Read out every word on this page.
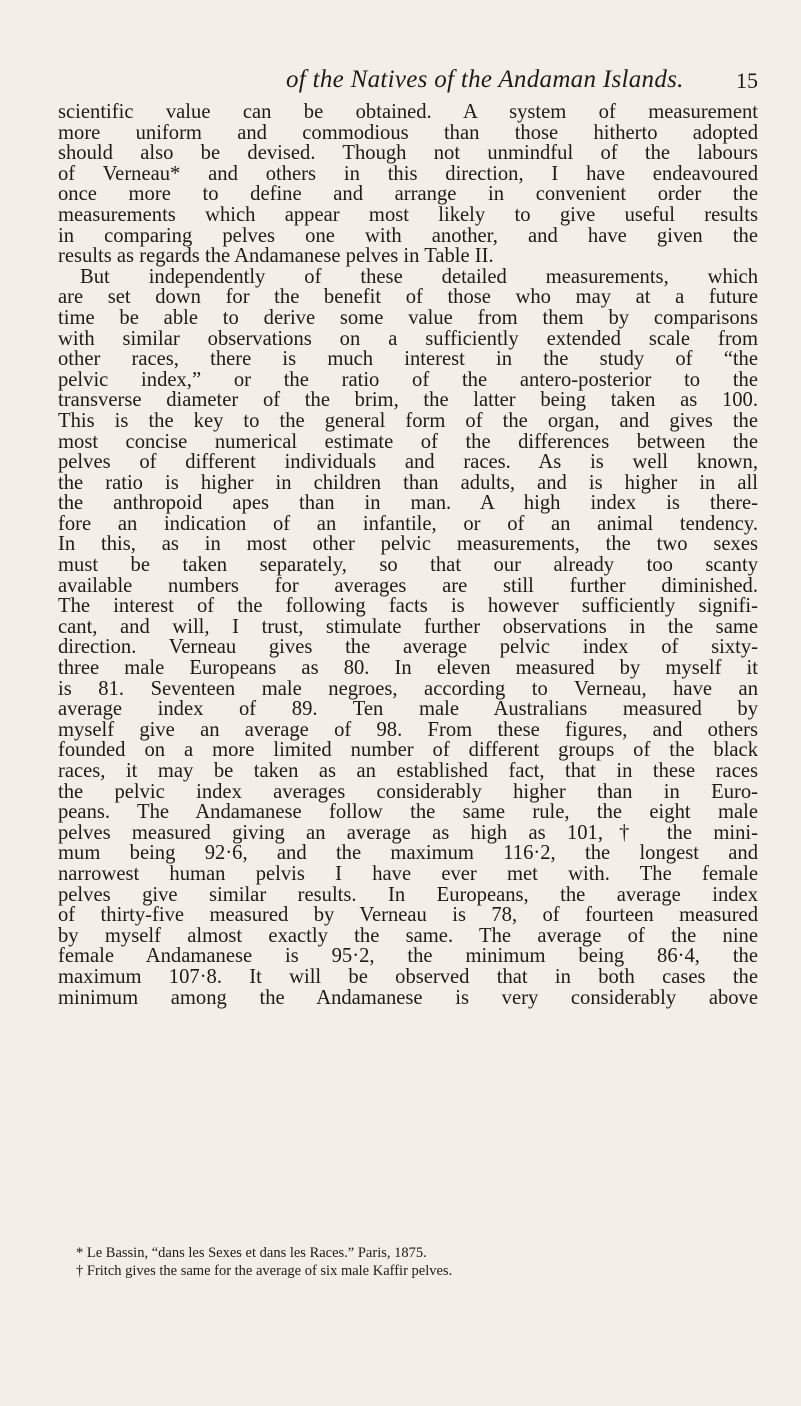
of the Natives of the Andaman Islands. 15
scientific value can be obtained. A system of measurement
more uniform and commodious than those hitherto adopted
should also be devised. Though not unmindful of the labours
of Verneau* and others in this direction, I have endeavoured
once more to define and arrange in convenient order the
measurements which appear most likely to give useful results
in comparing pelves one with another, and have given the
results as regards the Andamanese pelves in Table II.
But independently of these detailed measurements, which
are set down for the benefit of those who may at a future
time be able to derive some value from them by comparisons
with similar observations on a sufficiently extended scale from
other races, there is much interest in the study of “the
pelvic index,” or the ratio of the antero-posterior to the
transverse diameter of the brim, the latter being taken as 100.
This is the key to the general form of the organ, and gives the
most concise numerical estimate of the differences between the
pelves of different individuals and races. As is well known,
the ratio is higher in children than adults, and is higher in all
the anthropoid apes than in man. A high index is there-
fore an indication of an infantile, or of an animal tendency.
In this, as in most other pelvic measurements, the two sexes
must be taken separately, so that our already too scanty
available numbers for averages are still further diminished.
The interest of the following facts is however sufficiently signifi-
cant, and will, I trust, stimulate further observations in the same
direction. Verneau gives the average pelvic index of sixty-
three male Europeans as 80. In eleven measured by myself it
is 81. Seventeen male negroes, according to Verneau, have an
average index of 89. Ten male Australians measured by
myself give an average of 98. From these figures, and others
founded on a more limited number of different groups of the black
races, it may be taken as an established fact, that in these races
the pelvic index averages considerably higher than in Euro-
peans. The Andamanese follow the same rule, the eight male
pelves measured giving an average as high as 101,† the mini-
mum being 92·6, and the maximum 116·2, the longest and
narrowest human pelvis I have ever met with. The female
pelves give similar results. In Europeans, the average index
of thirty-five measured by Verneau is 78, of fourteen measured
by myself almost exactly the same. The average of the nine
female Andamanese is 95·2, the minimum being 86·4, the
maximum 107·8. It will be observed that in both cases the
minimum among the Andamanese is very considerably above
* Le Bassin, “dans les Sexes et dans les Races.” Paris, 1875.
† Fritch gives the same for the average of six male Kaffir pelves.
